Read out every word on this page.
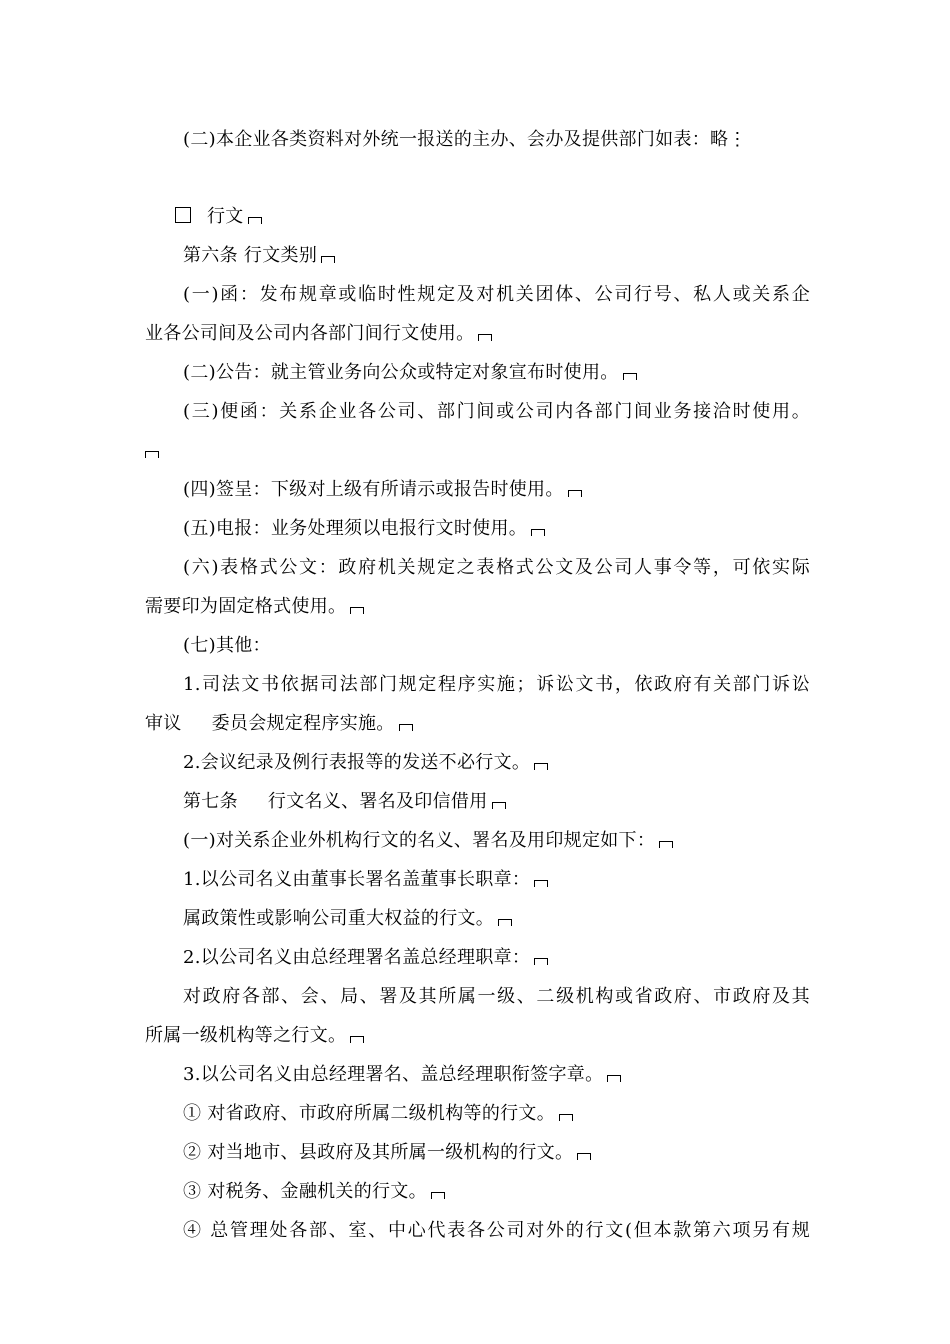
(二)本企业各类资料对外统一报送的主办、会办及提供部门如表：略⋮
行文
第六条 行文类别
(一)函：发布规章或临时性规定及对机关团体、公司行号、私人或关系企
业各公司间及公司内各部门间行文使用。
(二)公告：就主管业务向公众或特定对象宣布时使用。
(三)便函：关系企业各公司、部门间或公司内各部门间业务接洽时使用。
(四)签呈：下级对上级有所请示或报告时使用。
(五)电报：业务处理须以电报行文时使用。
(六)表格式公文：政府机关规定之表格式公文及公司人事令等，可依实际
需要印为固定格式使用。
(七)其他：
1.司法文书依据司法部门规定程序实施；诉讼文书，依政府有关部门诉讼
审议 委员会规定程序实施。
2.会议纪录及例行表报等的发送不必行文。
第七条 行文名义、署名及印信借用
(一)对关系企业外机构行文的名义、署名及用印规定如下：
1.以公司名义由董事长署名盖董事长职章：
属政策性或影响公司重大权益的行文。
2.以公司名义由总经理署名盖总经理职章：
对政府各部、会、局、署及其所属一级、二级机构或省政府、市政府及其
所属一级机构等之行文。
3.以公司名义由总经理署名、盖总经理职衔签字章。
① 对省政府、市政府所属二级机构等的行文。
② 对当地市、县政府及其所属一级机构的行文。
③ 对税务、金融机关的行文。
④ 总管理处各部、室、中心代表各公司对外的行文(但本款第六项另有规
